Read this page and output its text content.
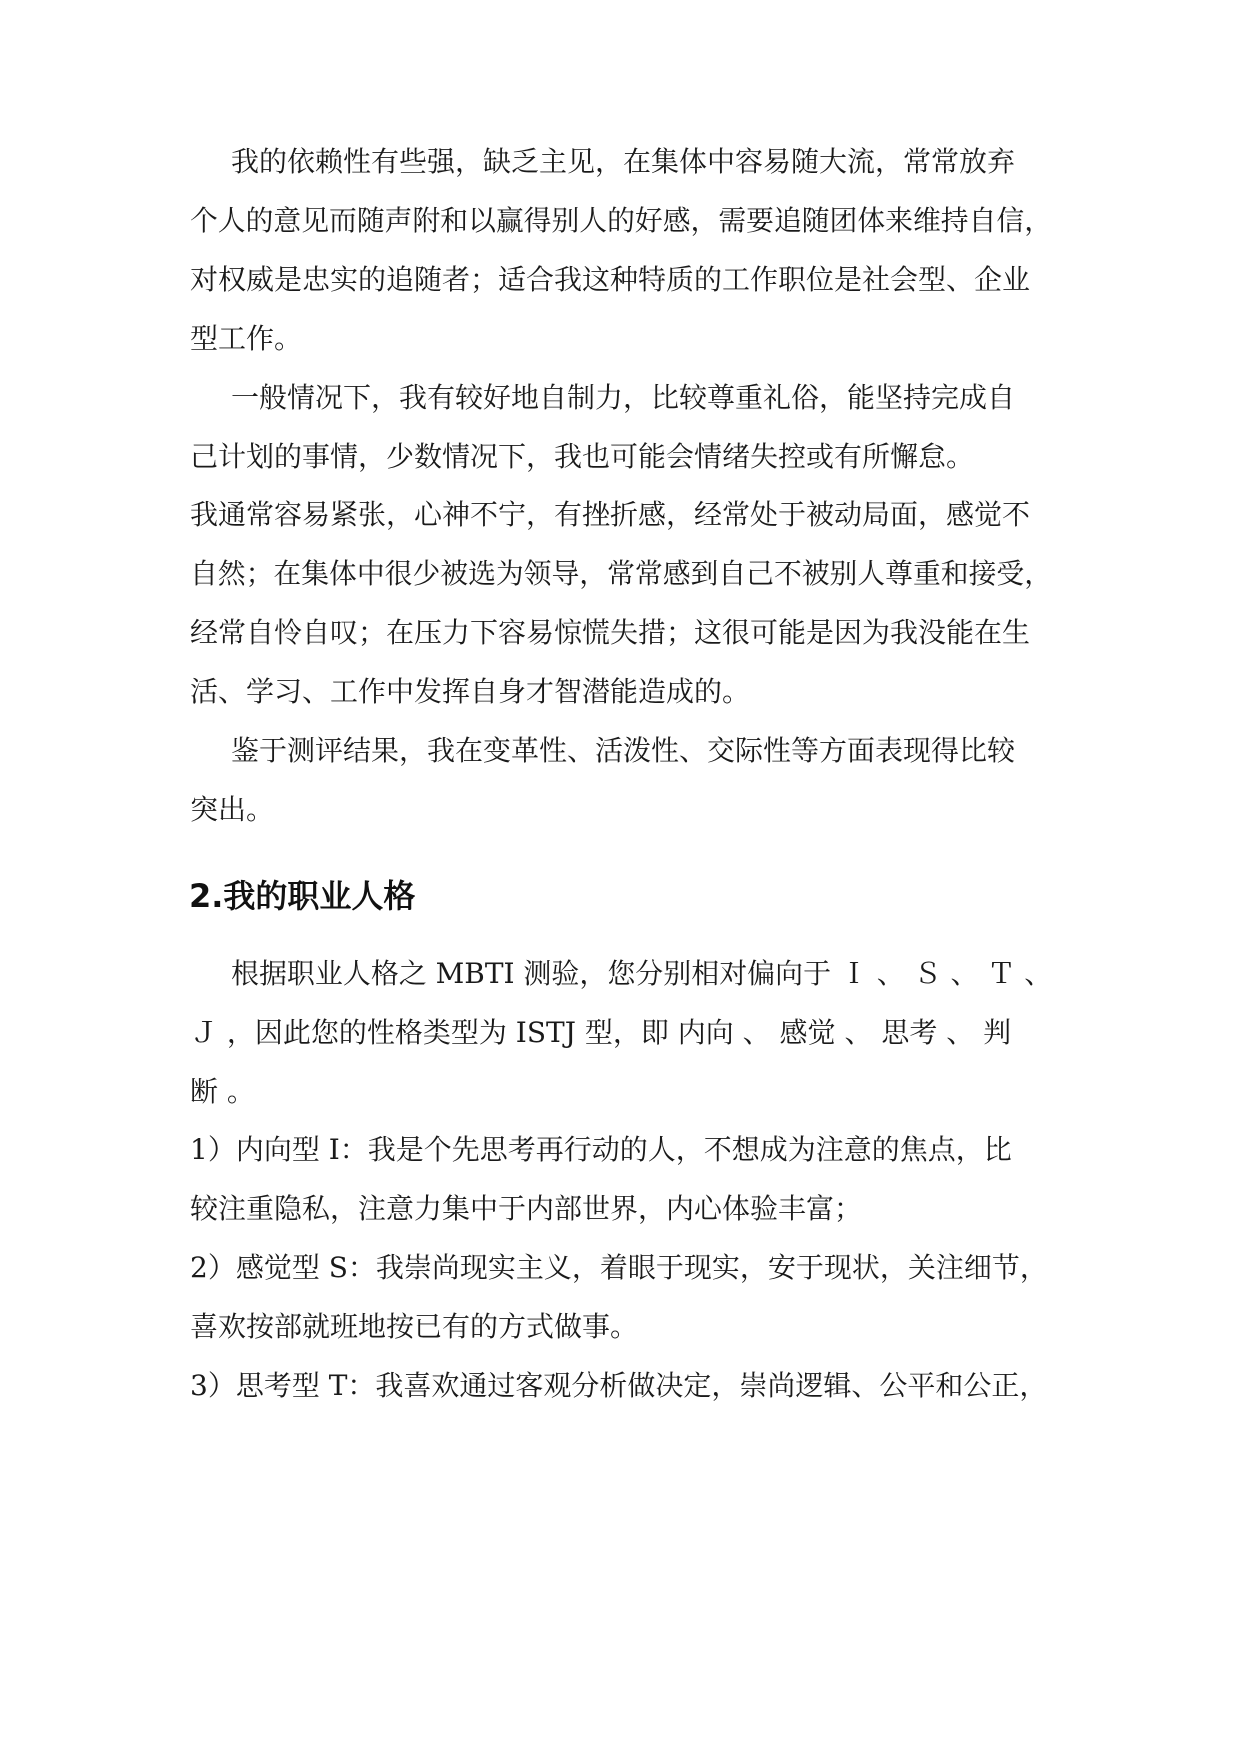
我的依赖性有些强，缺乏主见，在集体中容易随大流，常常放弃
个人的意见而随声附和以赢得别人的好感，需要追随团体来维持自信，
对权威是忠实的追随者；适合我这种特质的工作职位是社会型、企业
型工作。
一般情况下，我有较好地自制力，比较尊重礼俗，能坚持完成自
己计划的事情，少数情况下，我也可能会情绪失控或有所懈怠。
我通常容易紧张，心神不宁，有挫折感，经常处于被动局面，感觉不
自然；在集体中很少被选为领导，常常感到自己不被别人尊重和接受，
经常自怜自叹；在压力下容易惊慌失措；这很可能是因为我没能在生
活、学习、工作中发挥自身才智潜能造成的。
鉴于测评结果，我在变革性、活泼性、交际性等方面表现得比较
突出。
2.我的职业人格
根据职业人格之 MBTI 测验，您分别相对偏向于 Ｉ 、 Ｓ 、 Ｔ 、
Ｊ ，因此您的性格类型为 ISTJ 型，即 内向 、 感觉 、 思考 、 判
断 。
1）内向型 I：我是个先思考再行动的人，不想成为注意的焦点，比
较注重隐私，注意力集中于内部世界，内心体验丰富；
2）感觉型 S：我崇尚现实主义，着眼于现实，安于现状，关注细节，
喜欢按部就班地按已有的方式做事。
3）思考型 T：我喜欢通过客观分析做决定，崇尚逻辑、公平和公正，
